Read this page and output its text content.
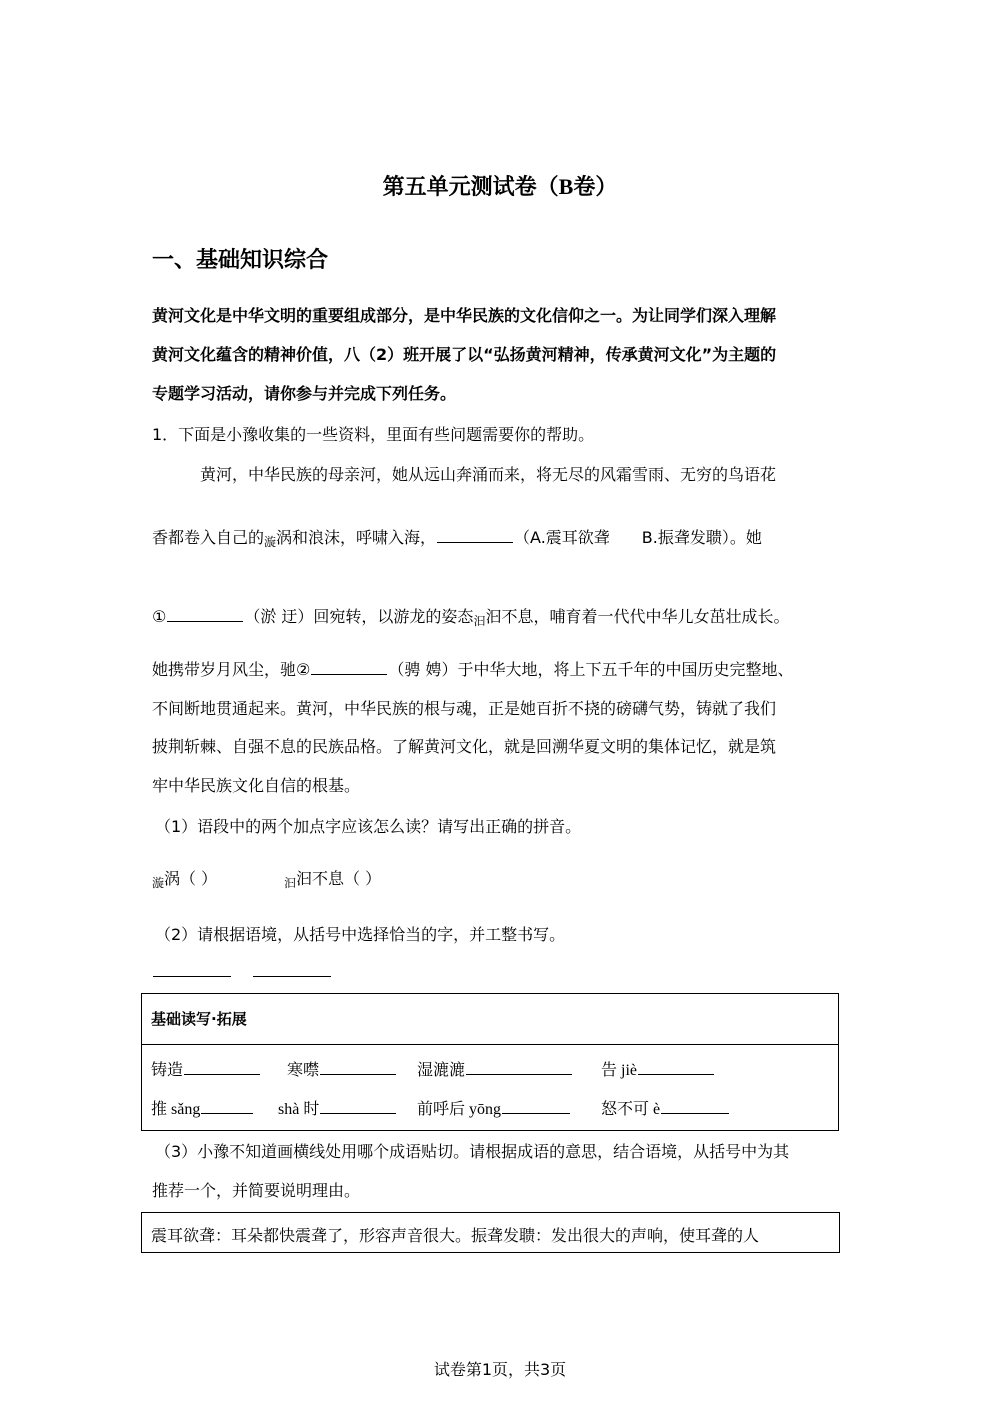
第五单元测试卷（B卷）
一、基础知识综合
黄河文化是中华文明的重要组成部分，是中华民族的文化信仰之一。为让同学们深入理解
黄河文化蕴含的精神价值，八（2）班开展了以“弘扬黄河精神，传承黄河文化”为主题的
专题学习活动，请你参与并完成下列任务。
1．下面是小豫收集的一些资料，里面有些问题需要你的帮助。
黄河，中华民族的母亲河，她从远山奔涌而来，将无尽的风霜雪雨、无穷的鸟语花
香都卷入自己的$_漩$涡和浪沫，呼啸入海，	（A.震耳欲聋　　B.振聋发聩）。她
①	（淤 迂）回宛转，以游龙的姿态$_汩$汩不息，哺育着一代代中华儿女茁壮成长。
她携带岁月风尘，驰②	（骋 娉）于中华大地，将上下五千年的中国历史完整地、
不间断地贯通起来。黄河，中华民族的根与魂，正是她百折不挠的磅礴气势，铸就了我们
披荆斩棘、自强不息的民族品格。了解黄河文化，就是回溯华夏文明的集体记忆，就是筑
牢中华民族文化自信的根基。
（1）语段中的两个加点字应该怎么读？请写出正确的拼音。
$_漩$涡（ ）	$_汩$汩不息（ ）
（2）请根据语境，从括号中选择恰当的字，并工整书写。
基础读写·拓展
铸造	寒噤	湿漉漉	告 jiè
推 sǎng	shà 时	前呼后 yōng	怒不可 è
（3）小豫不知道画横线处用哪个成语贴切。请根据成语的意思，结合语境，从括号中为其
推荐一个，并简要说明理由。
震耳欲聋：耳朵都快震聋了，形容声音很大。振聋发聩：发出很大的声响，使耳聋的人
试卷第1页，共3页
